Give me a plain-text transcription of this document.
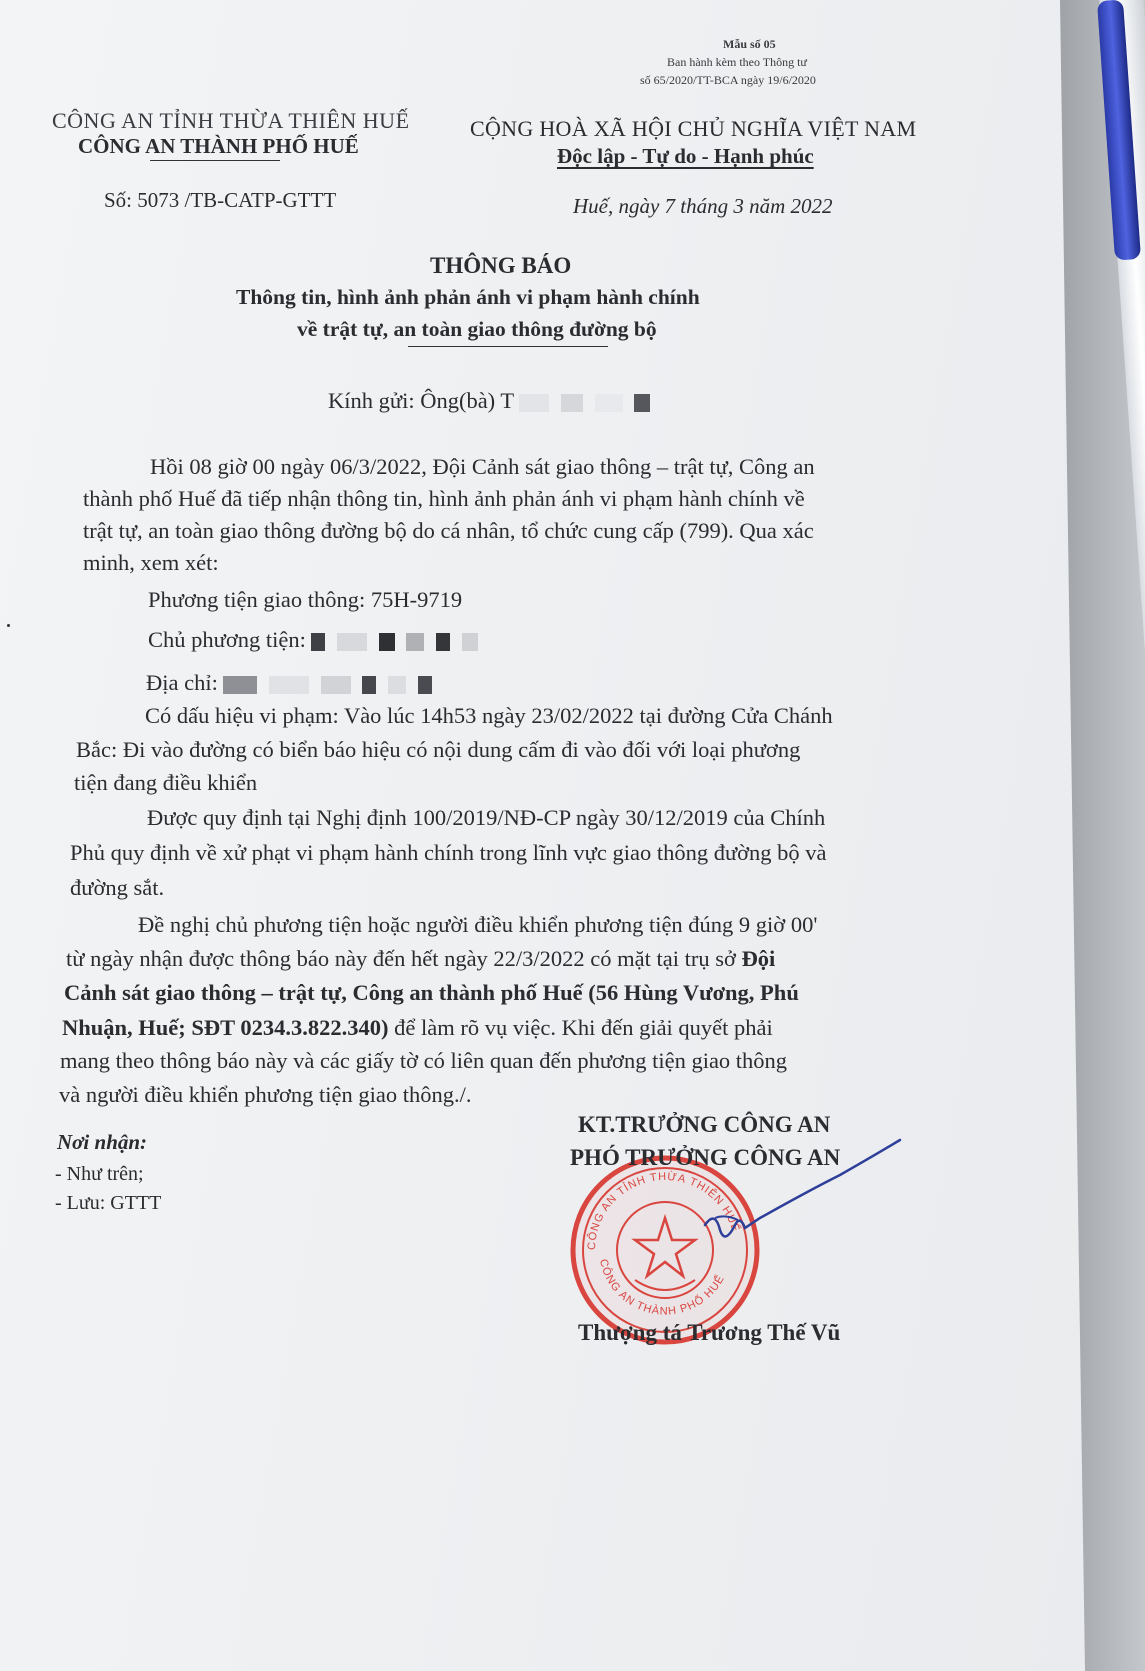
Mẫu số 05
Ban hành kèm theo Thông tư
số 65/2020/TT-BCA ngày 19/6/2020
CÔNG AN TỈNH THỪA THIÊN HUẾ
CÔNG AN THÀNH PHỐ HUẾ
Số: 5073 /TB-CATP-GTTT
CỘNG HOÀ XÃ HỘI CHỦ NGHĨA VIỆT NAM
Độc lập - Tự do - Hạnh phúc
Huế, ngày 7 tháng 3 năm 2022
THÔNG BÁO
Thông tin, hình ảnh phản ánh vi phạm hành chính
về trật tự, an toàn giao thông đường bộ
Kính gửi: Ông(bà) T
Hồi 08 giờ 00 ngày 06/3/2022, Đội Cảnh sát giao thông – trật tự, Công an
thành phố Huế đã tiếp nhận thông tin, hình ảnh phản ánh vi phạm hành chính về
trật tự, an toàn giao thông đường bộ do cá nhân, tổ chức cung cấp (799). Qua xác
minh, xem xét:
Phương tiện giao thông: 75H-9719
Chủ phương tiện:
Địa chỉ:
Có dấu hiệu vi phạm: Vào lúc 14h53 ngày 23/02/2022 tại đường Cửa Chánh
Bắc: Đi vào đường có biển báo hiệu có nội dung cấm đi vào đối với loại phương
tiện đang điều khiển
Được quy định tại Nghị định 100/2019/NĐ-CP ngày 30/12/2019 của Chính
Phủ quy định về xử phạt vi phạm hành chính trong lĩnh vực giao thông đường bộ và
đường sắt.
Đề nghị chủ phương tiện hoặc người điều khiển phương tiện đúng 9 giờ 00'
từ ngày nhận được thông báo này đến hết ngày 22/3/2022 có mặt tại trụ sở Đội
Cảnh sát giao thông – trật tự, Công an thành phố Huế (56 Hùng Vương, Phú
Nhuận, Huế; SĐT 0234.3.822.340) để làm rõ vụ việc. Khi đến giải quyết phải
mang theo thông báo này và các giấy tờ có liên quan đến phương tiện giao thông
và người điều khiển phương tiện giao thông./.
Nơi nhận:
- Như trên;
- Lưu: GTTT
CÔNG AN TỈNH THỪA THIÊN HUẾ
CÔNG AN THÀNH PHỐ HUẾ
KT.TRƯỞNG CÔNG AN
PHÓ TRƯỞNG CÔNG AN
Thượng tá Trương Thế Vũ
